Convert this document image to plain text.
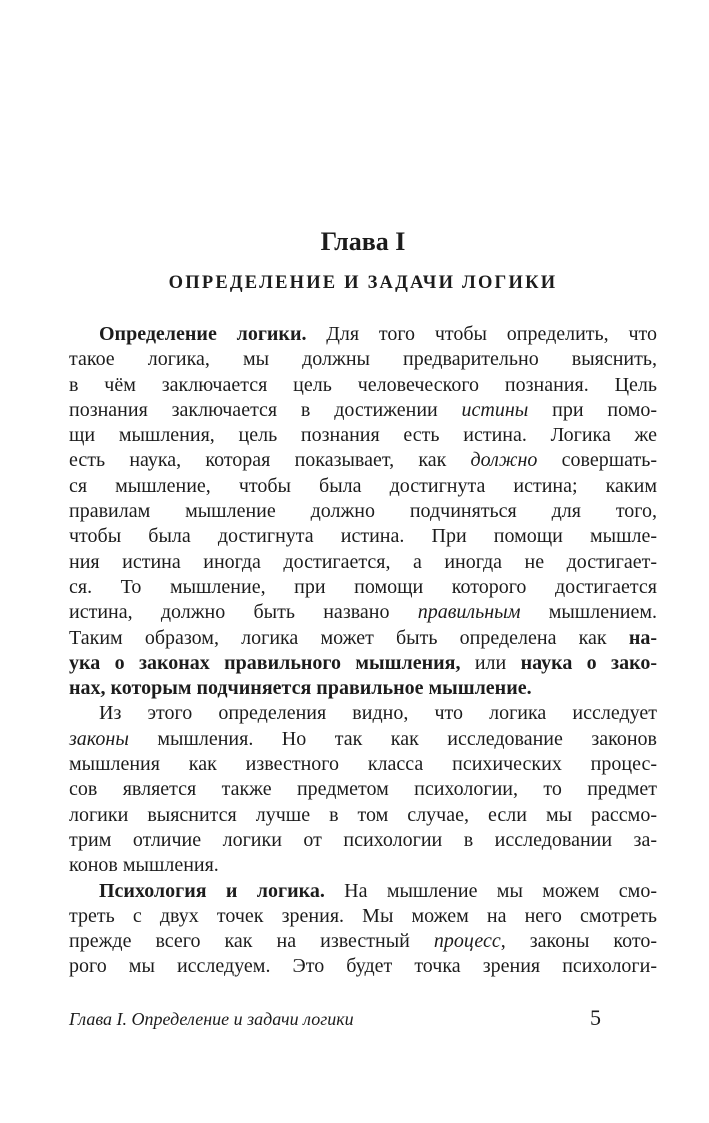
Глава I
ОПРЕДЕЛЕНИЕ И ЗАДАЧИ ЛОГИКИ
Определение логики. Для того чтобы определить, что
такое логика, мы должны предварительно выяснить,
в чём заключается цель человеческого познания. Цель
познания заключается в достижении истины при помо-
щи мышления, цель познания есть истина. Логика же
есть наука, которая показывает, как должно совершать-
ся мышление, чтобы была достигнута истина; каким
правилам мышление должно подчиняться для того,
чтобы была достигнута истина. При помощи мышле-
ния истина иногда достигается, а иногда не достигает-
ся. То мышление, при помощи которого достигается
истина, должно быть названо правильным мышлением.
Таким образом, логика может быть определена как на-
ука о законах правильного мышления, или наука о зако-
нах, которым подчиняется правильное мышление.
Из этого определения видно, что логика исследует
законы мышления. Но так как исследование законов
мышления как известного класса психических процес-
сов является также предметом психологии, то предмет
логики выяснится лучше в том случае, если мы рассмо-
трим отличие логики от психологии в исследовании за-
конов мышления.
Психология и логика. На мышление мы можем смо-
треть с двух точек зрения. Мы можем на него смотреть
прежде всего как на известный процесс, законы кото-
рого мы исследуем. Это будет точка зрения психологи-
Глава I. Определение и задачи логики	5
